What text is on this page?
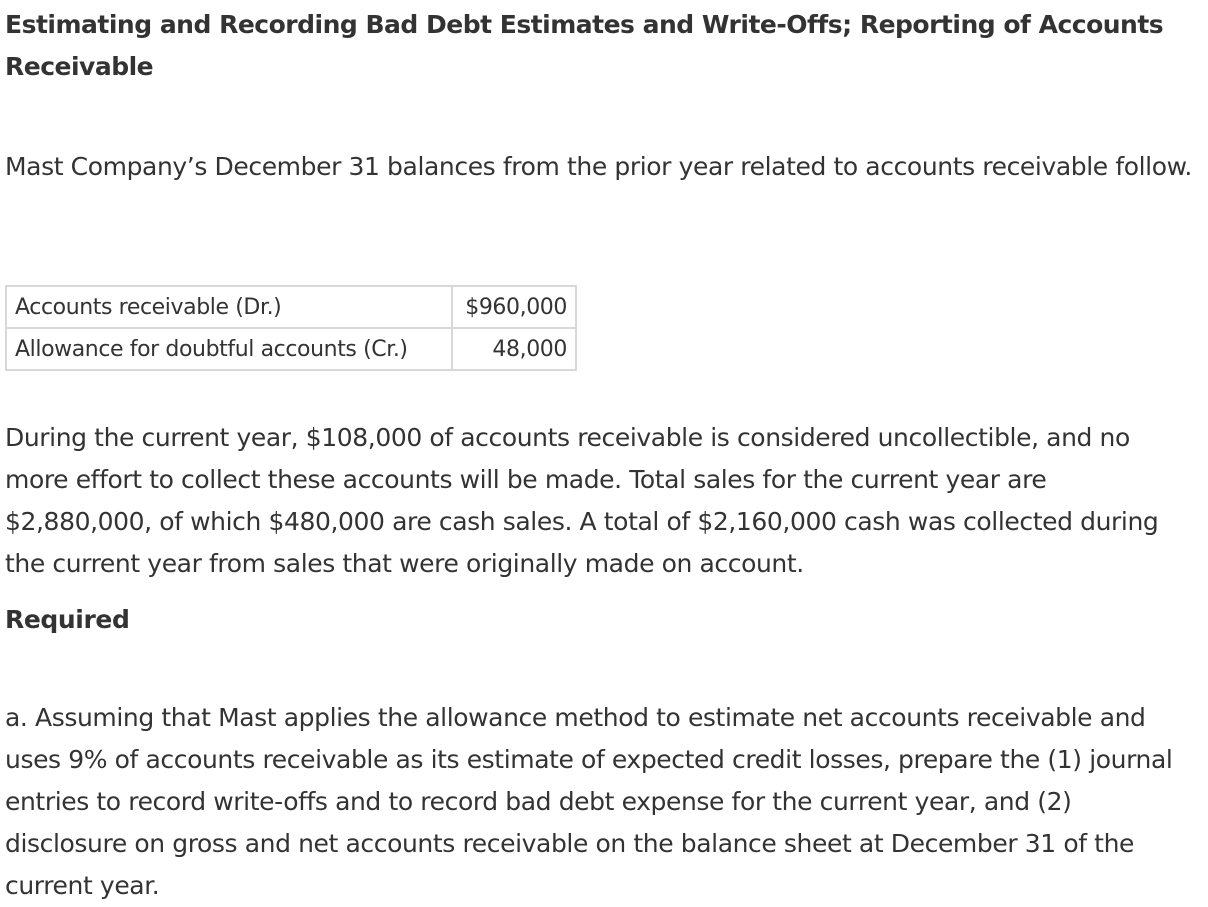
Estimating and Recording Bad Debt Estimates and Write-Offs; Reporting of Accounts Receivable

Mast Company’s December 31 balances from the prior year related to accounts receivable follow.

Accounts receivable (Dr.)	$960,000
Allowance for doubtful accounts (Cr.)	48,000

During the current year, $108,000 of accounts receivable is considered uncollectible, and no more effort to collect these accounts will be made. Total sales for the current year are $2,880,000, of which $480,000 are cash sales. A total of $2,160,000 cash was collected during the current year from sales that were originally made on account.

Required

a. Assuming that Mast applies the allowance method to estimate net accounts receivable and uses 9% of accounts receivable as its estimate of expected credit losses, prepare the (1) journal entries to record write-offs and to record bad debt expense for the current year, and (2) disclosure on gross and net accounts receivable on the balance sheet at December 31 of the current year.
